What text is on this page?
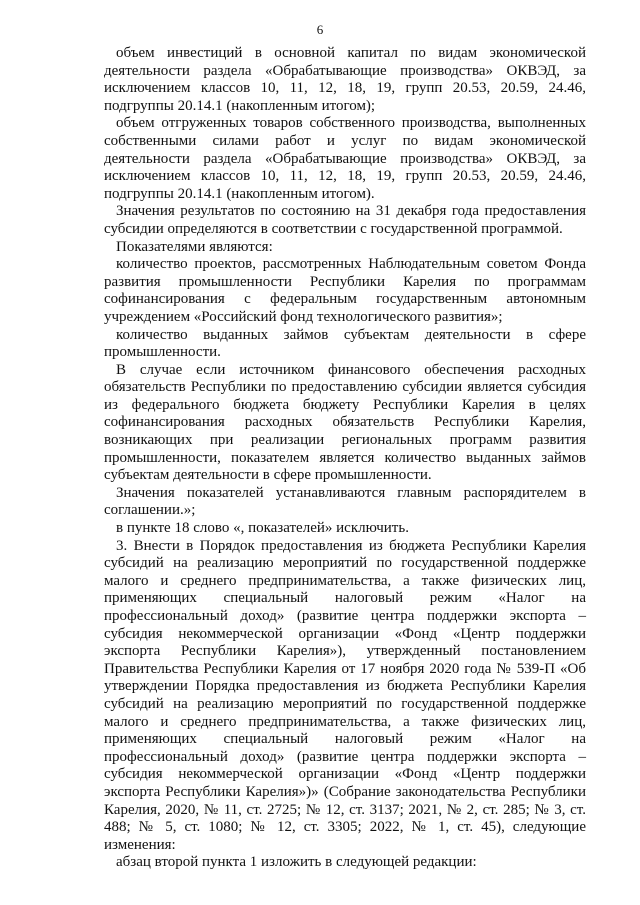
6

объем инвестиций в основной капитал по видам экономической деятельности раздела «Обрабатывающие производства» ОКВЭД, за исключением классов 10, 11, 12, 18, 19, групп 20.53, 20.59, 24.46, подгруппы 20.14.1 (накопленным итогом);

объем отгруженных товаров собственного производства, выполненных собственными силами работ и услуг по видам экономической деятельности раздела «Обрабатывающие производства» ОКВЭД, за исключением классов 10, 11, 12, 18, 19, групп 20.53, 20.59, 24.46, подгруппы 20.14.1 (накопленным итогом).

Значения результатов по состоянию на 31 декабря года предоставления субсидии определяются в соответствии с государственной программой.

Показателями являются:

количество проектов, рассмотренных Наблюдательным советом Фонда развития промышленности Республики Карелия по программам софинансирования с федеральным государственным автономным учреждением «Российский фонд технологического развития»;

количество выданных займов субъектам деятельности в сфере промышленности.

В случае если источником финансового обеспечения расходных обязательств Республики по предоставлению субсидии является субсидия из федерального бюджета бюджету Республики Карелия в целях софинансирования расходных обязательств Республики Карелия, возникающих при реализации региональных программ развития промышленности, показателем является количество выданных займов субъектам деятельности в сфере промышленности.

Значения показателей устанавливаются главным распорядителем в соглашении.»;

в пункте 18 слово «, показателей» исключить.

3. Внести в Порядок предоставления из бюджета Республики Карелия субсидий на реализацию мероприятий по государственной поддержке малого и среднего предпринимательства, а также физических лиц, применяющих специальный налоговый режим «Налог на профессиональный доход» (развитие центра поддержки экспорта – субсидия некоммерческой организации «Фонд «Центр поддержки экспорта Республики Карелия»), утвержденный постановлением Правительства Республики Карелия от 17 ноября 2020 года № 539-П «Об утверждении Порядка предоставления из бюджета Республики Карелия субсидий на реализацию мероприятий по государственной поддержке малого и среднего предпринимательства, а также физических лиц, применяющих специальный налоговый режим «Налог на профессиональный доход» (развитие центра поддержки экспорта – субсидия некоммерческой организации «Фонд «Центр поддержки экспорта Республики Карелия»)» (Собрание законодательства Республики Карелия, 2020, № 11, ст. 2725; № 12, ст. 3137; 2021, № 2, ст. 285; № 3, ст. 488; № 5, ст. 1080; № 12, ст. 3305; 2022, № 1, ст. 45), следующие изменения:

абзац второй пункта 1 изложить в следующей редакции:
